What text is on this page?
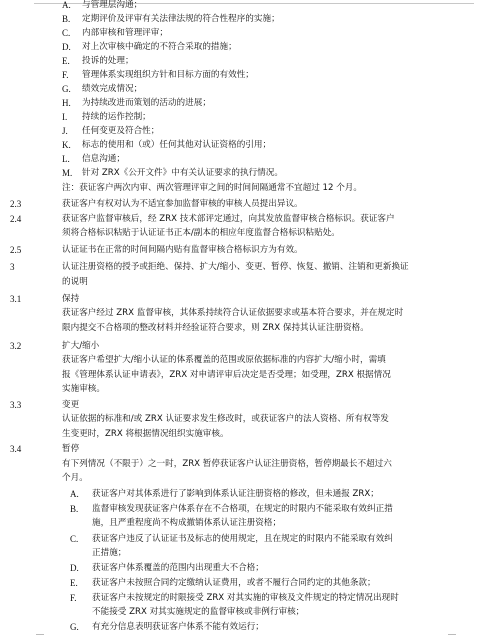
A. 与管理层沟通；
B. 定期评价及评审有关法律法规的符合性程序的实施；
C. 内部审核和管理评审；
D. 对上次审核中确定的不符合采取的措施；
E. 投诉的处理；
F. 管理体系实现组织方针和目标方面的有效性；
G. 绩效完成情况；
H. 为持续改进而策划的活动的进展；
I. 持续的运作控制；
J. 任何变更及符合性；
K. 标志的使用和（或）任何其他对认证资格的引用；
L. 信息沟通；
M. 针对 ZRX《公开文件》中有关认证要求的执行情况。
注：获证客户两次内审、两次管理评审之间的时间间隔通常不宜超过 12 个月。
2.3	获证客户有权对认为不适宜参加监督审核的审核人员提出异议。
2.4	获证客户监督审核后，经 ZRX 技术部评定通过，向其发放监督审核合格标识。获证客户
须将合格标识粘贴于认证证书正本/副本的相应年度监督合格标识粘贴处。
2.5	认证证书在正常的时间间隔内贴有监督审核合格标识方为有效。
3	认证注册资格的授予或拒绝、保持、扩大/缩小、变更、暂停、恢复、撤销、注销和更新换证
的说明
3.1	保持
获证客户经过 ZRX 监督审核，其体系持续符合认证依据要求或基本符合要求，并在规定时
限内提交不合格项的整改材料并经验证符合要求，则 ZRX 保持其认证注册资格。
3.2	扩大/缩小
获证客户希望扩大/缩小认证的体系覆盖的范围或原依据标准的内容扩大/缩小时，需填
报《管理体系认证申请表》，ZRX 对申请评审后决定是否受理；如受理，ZRX 根据情况
实施审核。
3.3	变更
认证依据的标准和/或 ZRX 认证要求发生修改时，或获证客户的法人资格、所有权等发
生变更时，ZRX 将根据情况组织实施审核。
3.4	暂停
有下列情况（不限于）之一时，ZRX 暂停获证客户认证注册资格，暂停期最长不超过六
个月。
A. 获证客户对其体系进行了影响到体系认证注册资格的修改，但未通报 ZRX；
B. 监督审核发现获证客户体系存在不合格项，在规定的时限内不能采取有效纠正措
施，且严重程度尚不构成撤销体系认证注册资格；
C. 获证客户违反了认证证书及标志的使用规定，且在规定的时限内不能采取有效纠
正措施；
D. 获证客户体系覆盖的范围内出现重大不合格；
E. 获证客户未按照合同约定缴纳认证费用，或者不履行合同约定的其他条款；
F. 获证客户未按规定的时限接受 ZRX 对其实施的审核及文件规定的特定情况出现时
不能接受 ZRX 对其实施规定的监督审核或非例行审核；
G. 有充分信息表明获证客户体系不能有效运行；
